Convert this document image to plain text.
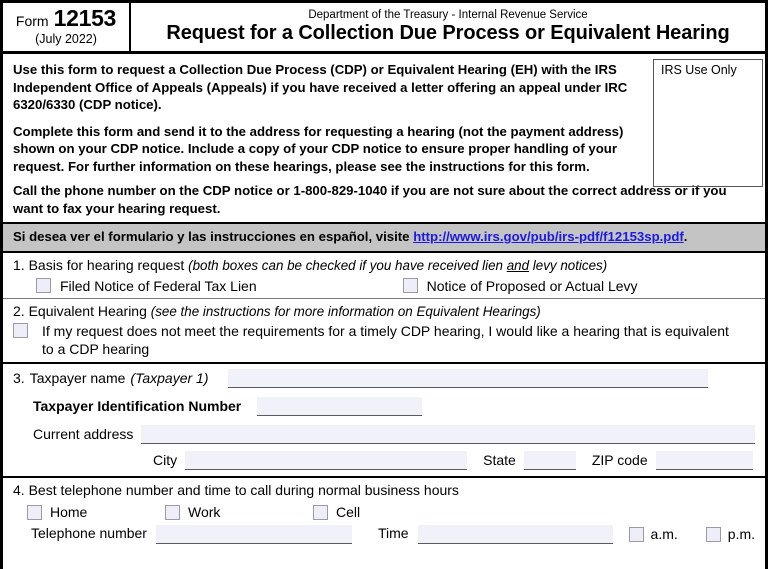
Form 12153
(July 2022)
Department of the Treasury - Internal Revenue Service
Request for a Collection Due Process or Equivalent Hearing

Use this form to request a Collection Due Process (CDP) or Equivalent Hearing (EH) with the IRS Independent Office of Appeals (Appeals) if you have received a letter offering an appeal under IRC 6320/6330 (CDP notice).

Complete this form and send it to the address for requesting a hearing (not the payment address) shown on your CDP notice. Include a copy of your CDP notice to ensure proper handling of your request. For further information on these hearings, please see the instructions for this form.

IRS Use Only

Call the phone number on the CDP notice or 1-800-829-1040 if you are not sure about the correct address or if you want to fax your hearing request.

Si desea ver el formulario y las instrucciones en español, visite http://www.irs.gov/pub/irs-pdf/f12153sp.pdf.
1. Basis for hearing request (both boxes can be checked if you have received lien and levy notices)
Filed Notice of Federal Tax Lien	Notice of Proposed or Actual Levy
2. Equivalent Hearing (see the instructions for more information on Equivalent Hearings)
If my request does not meet the requirements for a timely CDP hearing, I would like a hearing that is equivalent to a CDP hearing
3. Taxpayer name (Taxpayer 1)
Taxpayer Identification Number
Current address
City	State	ZIP code
4. Best telephone number and time to call during normal business hours
Home	Work	Cell
Telephone number	Time	a.m.	p.m.
